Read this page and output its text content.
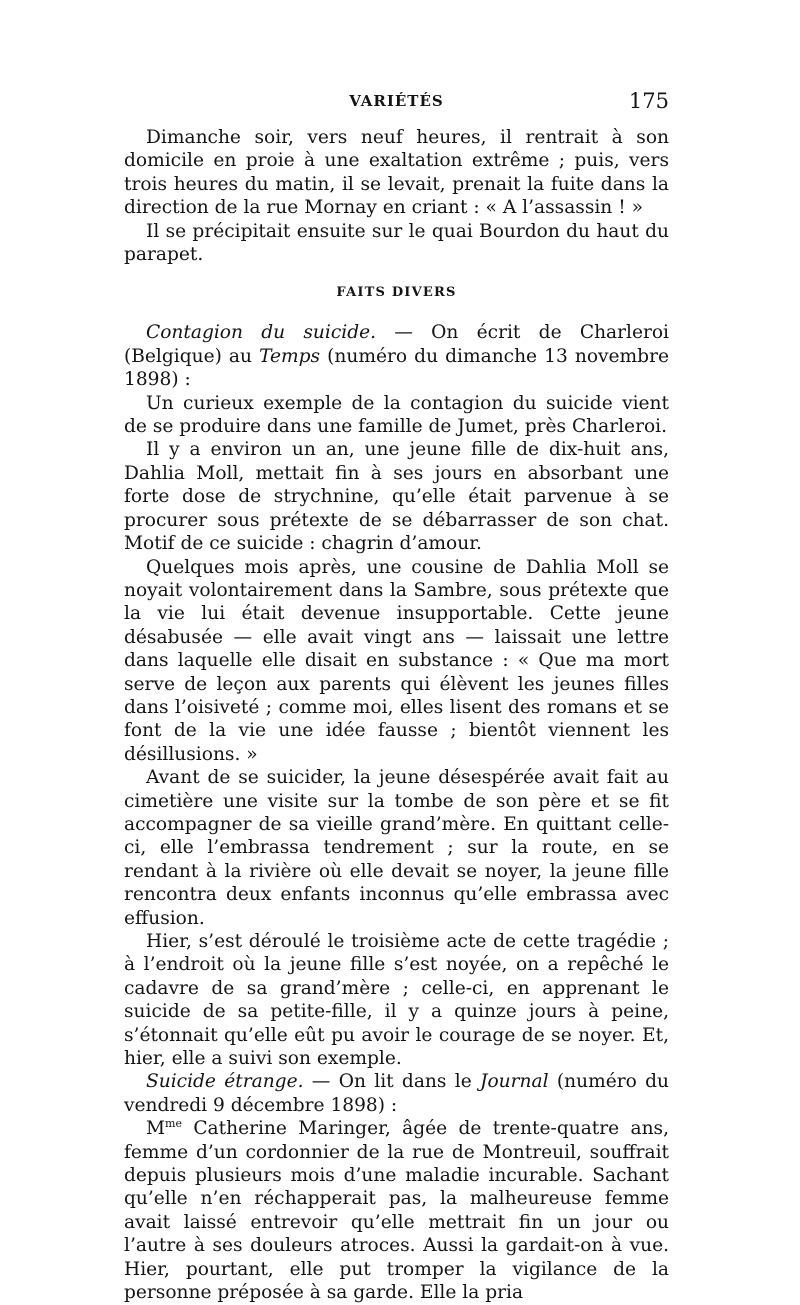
VARIÉTÉS	175

Dimanche soir, vers neuf heures, il rentrait à son domicile en proie à une exaltation extrême ; puis, vers trois heures du matin, il se levait, prenait la fuite dans la direction de la rue Mornay en criant : « A l’assassin ! »

Il se précipitait ensuite sur le quai Bourdon du haut du parapet.

FAITS DIVERS

Contagion du suicide. — On écrit de Charleroi (Belgique) au Temps (numéro du dimanche 13 novembre 1898) :

Un curieux exemple de la contagion du suicide vient de se produire dans une famille de Jumet, près Charleroi.

Il y a environ un an, une jeune fille de dix-huit ans, Dahlia Moll, mettait fin à ses jours en absorbant une forte dose de strychnine, qu’elle était parvenue à se procurer sous prétexte de se débarrasser de son chat. Motif de ce suicide : chagrin d’amour.

Quelques mois après, une cousine de Dahlia Moll se noyait volontairement dans la Sambre, sous prétexte que la vie lui était devenue insupportable. Cette jeune désabusée — elle avait vingt ans — laissait une lettre dans laquelle elle disait en substance : « Que ma mort serve de leçon aux parents qui élèvent les jeunes filles dans l’oisiveté ; comme moi, elles lisent des romans et se font de la vie une idée fausse ; bientôt viennent les désillusions. »

Avant de se suicider, la jeune désespérée avait fait au cimetière une visite sur la tombe de son père et se fit accompagner de sa vieille grand’mère. En quittant celle-ci, elle l’embrassa tendrement ; sur la route, en se rendant à la rivière où elle devait se noyer, la jeune fille rencontra deux enfants inconnus qu’elle embrassa avec effusion.

Hier, s’est déroulé le troisième acte de cette tragédie ; à l’endroit où la jeune fille s’est noyée, on a repêché le cadavre de sa grand’mère ; celle-ci, en apprenant le suicide de sa petite-fille, il y a quinze jours à peine, s’étonnait qu’elle eût pu avoir le courage de se noyer. Et, hier, elle a suivi son exemple.

Suicide étrange. — On lit dans le Journal (numéro du vendredi 9 décembre 1898) :

$M^{me}$ Catherine Maringer, âgée de trente-quatre ans, femme d’un cordonnier de la rue de Montreuil, souffrait depuis plusieurs mois d’une maladie incurable. Sachant qu’elle n’en réchapperait pas, la malheureuse femme avait laissé entrevoir qu’elle mettrait fin un jour ou l’autre à ses douleurs atroces. Aussi la gardait-on à vue. Hier, pourtant, elle put tromper la vigilance de la personne préposée à sa garde. Elle la pria
